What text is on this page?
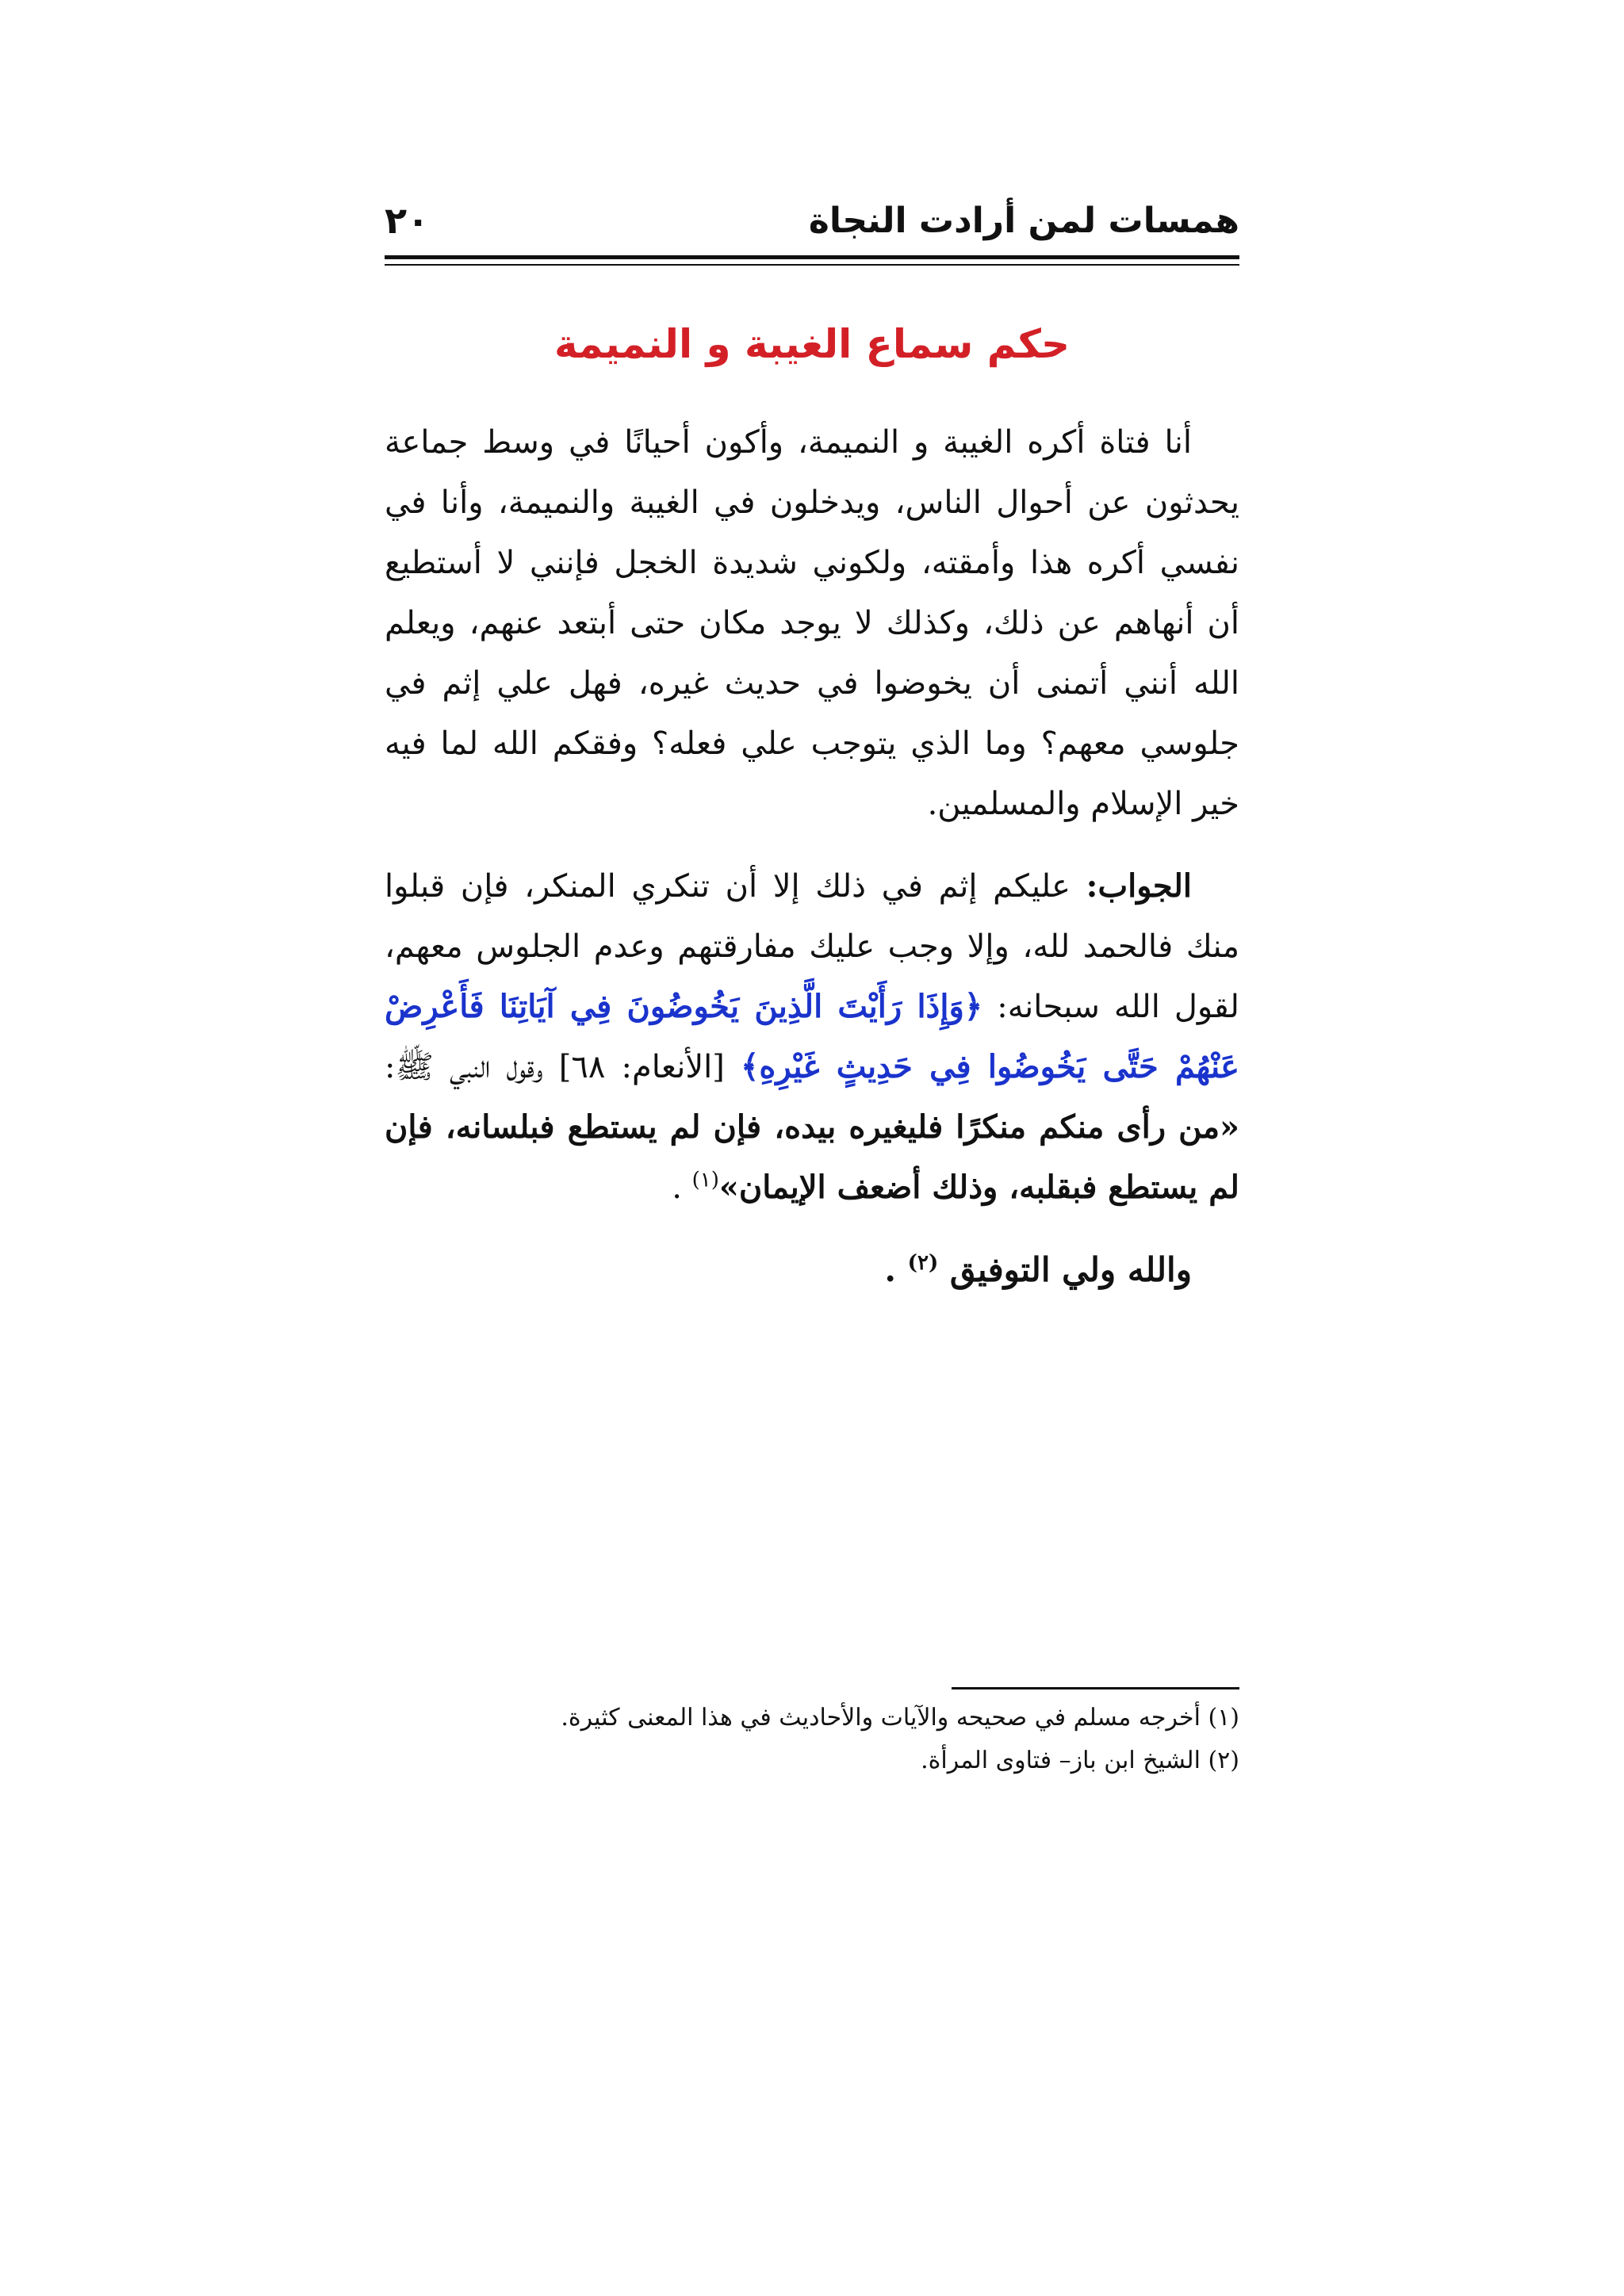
همسات لمن أرادت النجاة
٢٠
حكم سماع الغيبة و النميمة

أنا فتاة أكره الغيبة و النميمة، وأكون أحيانًا في وسط جماعة يحدثون عن أحوال الناس، ويدخلون في الغيبة والنميمة، وأنا في نفسي أكره هذا وأمقته، ولكوني شديدة الخجل فإنني لا أستطيع أن أنهاهم عن ذلك، وكذلك لا يوجد مكان حتى أبتعد عنهم، ويعلم الله أنني أتمنى أن يخوضوا في حديث غيره، فهل علي إثم في جلوسي معهم؟ وما الذي يتوجب علي فعله؟ وفقكم الله لما فيه خير الإسلام والمسلمين.

الجواب: عليكم إثم في ذلك إلا أن تنكري المنكر، فإن قبلوا منك فالحمد لله، وإلا وجب عليك مفارقتهم وعدم الجلوس معهم، لقول الله سبحانه: ﴿وَإِذَا رَأَيْتَ الَّذِينَ يَخُوضُونَ فِي آيَاتِنَا فَأَعْرِضْ عَنْهُمْ حَتَّى يَخُوضُوا فِي حَدِيثٍ غَيْرِهِ﴾ [الأنعام: ٦٨] وقول النبي ﷺ: «من رأى منكم منكرًا فليغيره بيده، فإن لم يستطع فبلسانه، فإن لم يستطع فبقلبه، وذلك أضعف الإيمان»$^{(١)}$ .

والله ولي التوفيق $^{(٢)}$ .

(١) أخرجه مسلم في صحيحه والآيات والأحاديث في هذا المعنى كثيرة.

(٢) الشيخ ابن باز– فتاوى المرأة.
